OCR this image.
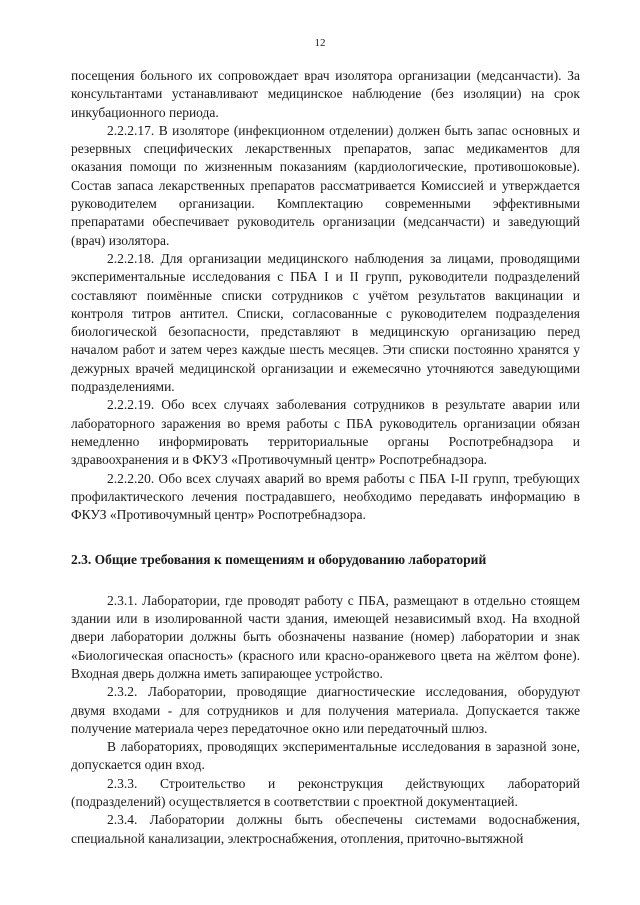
12

посещения больного их сопровождает врач изолятора организации (медсанчасти). За консультантами устанавливают медицинское наблюдение (без изоляции) на срок инкубационного периода.

2.2.2.17. В изоляторе (инфекционном отделении) должен быть запас основных и резервных специфических лекарственных препаратов, запас медикаментов для оказания помощи по жизненным показаниям (кардиологические, противошоковые). Состав запаса лекарственных препаратов рассматривается Комиссией и утверждается руководителем организации. Комплектацию современными эффективными препаратами обеспечивает руководитель организации (медсанчасти) и заведующий (врач) изолятора.

2.2.2.18. Для организации медицинского наблюдения за лицами, проводящими экспериментальные исследования с ПБА I и II групп, руководители подразделений составляют поимённые списки сотрудников с учётом результатов вакцинации и контроля титров антител. Списки, согласованные с руководителем подразделения биологической безопасности, представляют в медицинскую организацию перед началом работ и затем через каждые шесть месяцев. Эти списки постоянно хранятся у дежурных врачей медицинской организации и ежемесячно уточняются заведующими подразделениями.

2.2.2.19. Обо всех случаях заболевания сотрудников в результате аварии или лабораторного заражения во время работы с ПБА руководитель организации обязан немедленно информировать территориальные органы Роспотребнадзора и здравоохранения и в ФКУЗ «Противочумный центр» Роспотребнадзора.

2.2.2.20. Обо всех случаях аварий во время работы с ПБА I-II групп, требующих профилактического лечения пострадавшего, необходимо передавать информацию в ФКУЗ «Противочумный центр» Роспотребнадзора.

2.3. Общие требования к помещениям и оборудованию лабораторий

2.3.1. Лаборатории, где проводят работу с ПБА, размещают в отдельно стоящем здании или в изолированной части здания, имеющей независимый вход. На входной двери лаборатории должны быть обозначены название (номер) лаборатории и знак «Биологическая опасность» (красного или красно-оранжевого цвета на жёлтом фоне). Входная дверь должна иметь запирающее устройство.

2.3.2. Лаборатории, проводящие диагностические исследования, оборудуют двумя входами - для сотрудников и для получения материала. Допускается также получение материала через передаточное окно или передаточный шлюз.

В лабораториях, проводящих экспериментальные исследования в заразной зоне, допускается один вход.

2.3.3. Строительство и реконструкция действующих лабораторий (подразделений) осуществляется в соответствии с проектной документацией.

2.3.4. Лаборатории должны быть обеспечены системами водоснабжения, специальной канализации, электроснабжения, отопления, приточно-вытяжной
